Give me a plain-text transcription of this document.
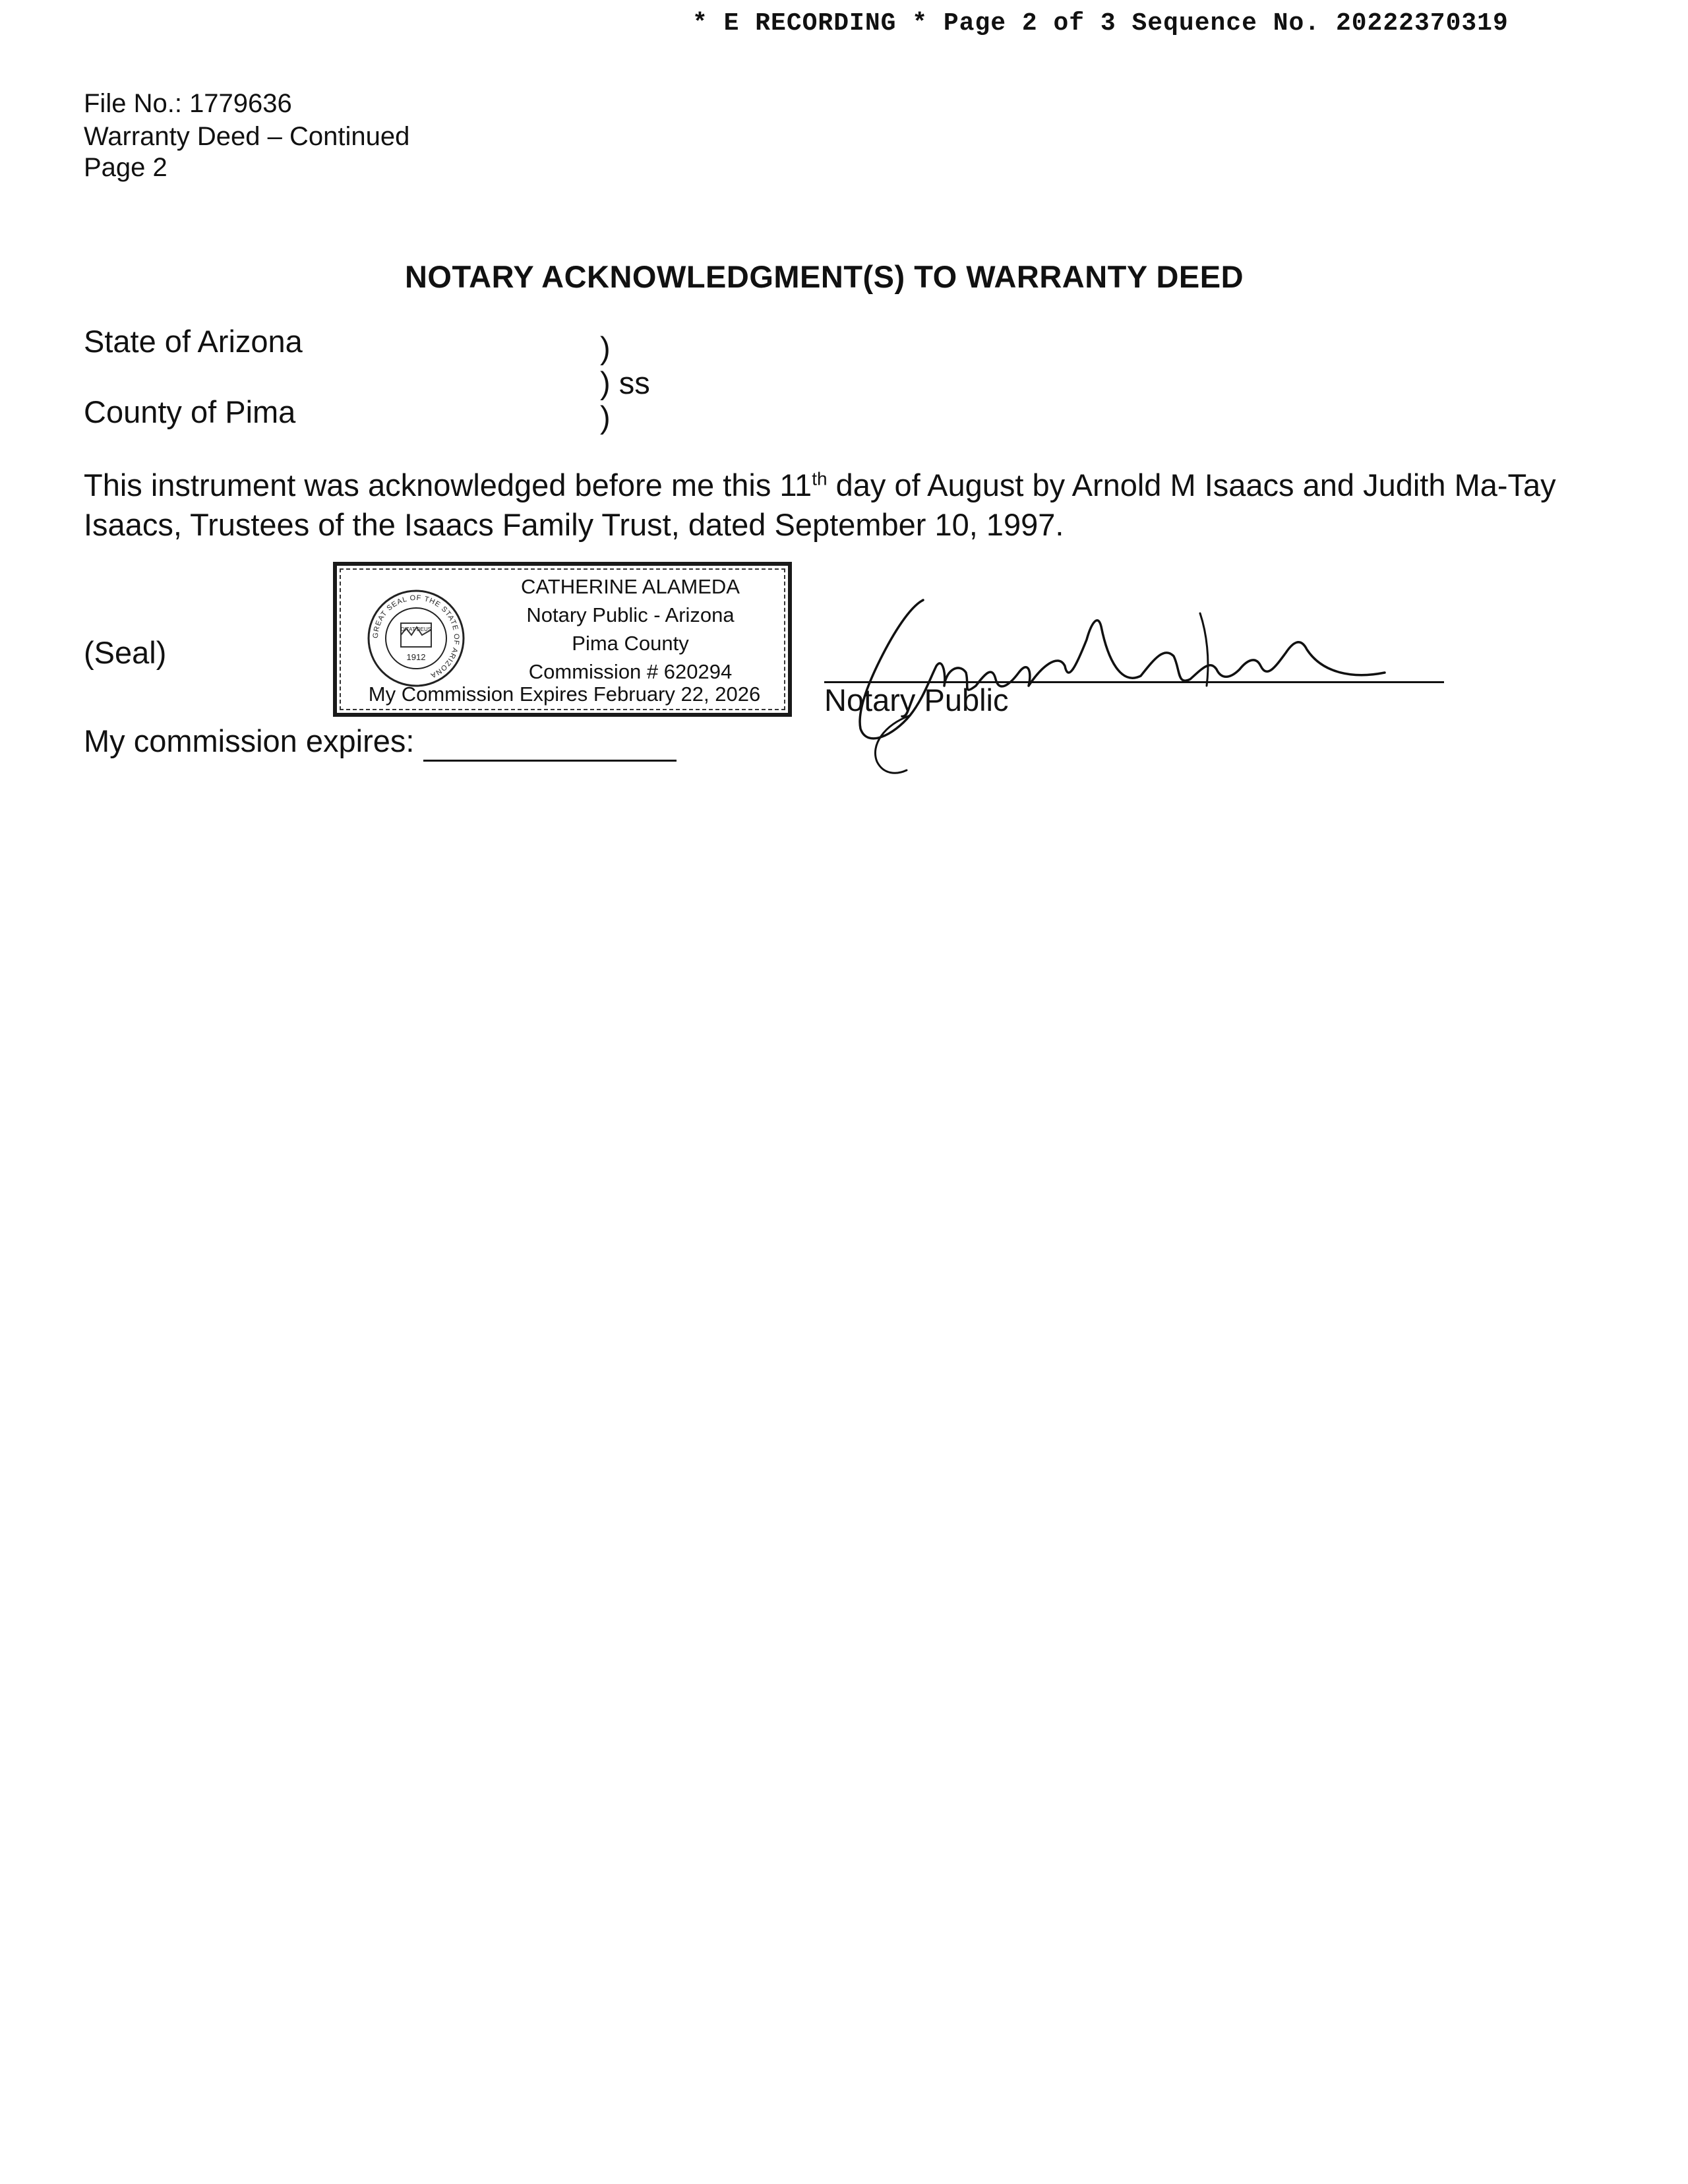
* E RECORDING * Page 2 of 3 Sequence No. 20222370319
File No.: 1779636
Warranty Deed – Continued
Page 2
NOTARY ACKNOWLEDGMENT(S) TO WARRANTY DEED
State of Arizona
County of Pima
)
) ss
)
This instrument was acknowledged before me this 11th day of August by Arnold M Isaacs and Judith Ma-Tay
Isaacs, Trustees of the Isaacs Family Trust, dated September 10, 1997.
(Seal)	GREAT SEAL OF THE STATE OF ARIZONA
DITAT DEUS
1912
CATHERINE ALAMEDA
Notary Public - Arizona
Pima County
Commission # 620294
My Commission Expires February 22, 2026	Notary Public
My commission expires:
